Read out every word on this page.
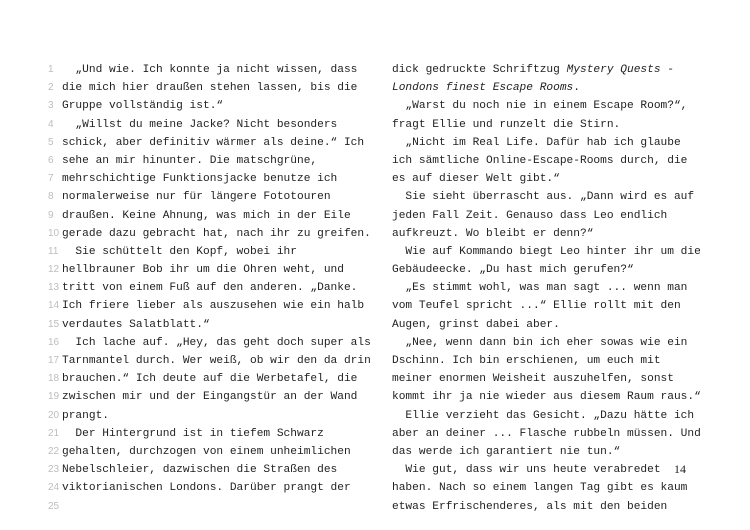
1 „Und wie. Ich konnte ja nicht wissen, dass
2 die mich hier draußen stehen lassen, bis die
3 Gruppe vollständig ist.“
4 „Willst du meine Jacke? Nicht besonders
5 schick, aber definitiv wärmer als deine.“ Ich
6 sehe an mir hinunter. Die matschgrüne,
7 mehrschichtige Funktionsjacke benutze ich
8 normalerweise nur für längere Fototouren
9 draußen. Keine Ahnung, was mich in der Eile
10 gerade dazu gebracht hat, nach ihr zu greifen.
11 Sie schüttelt den Kopf, wobei ihr
12 hellbrauner Bob ihr um die Ohren weht, und
13 tritt von einem Fuß auf den anderen. „Danke.
14 Ich friere lieber als auszusehen wie ein halb
15 verdautes Salatblatt.“
16 Ich lache auf. „Hey, das geht doch super als
17 Tarnmantel durch. Wer weiß, ob wir den da drin
18 brauchen.“ Ich deute auf die Werbetafel, die
19 zwischen mir und der Eingangstür an der Wand
20 prangt.
21 Der Hintergrund ist in tiefem Schwarz
22 gehalten, durchzogen von einem unheimlichen
23 Nebelschleier, dazwischen die Straßen des
24 viktorianischen Londons. Darüber prangt der
25
dick gedruckte Schriftzug Mystery Quests -
Londons finest Escape Rooms.
„Warst du noch nie in einem Escape Room?“,
fragt Ellie und runzelt die Stirn.
„Nicht im Real Life. Dafür hab ich glaube
ich sämtliche Online-Escape-Rooms durch, die
es auf dieser Welt gibt.“
Sie sieht überrascht aus. „Dann wird es auf
jeden Fall Zeit. Genauso dass Leo endlich
aufkreuzt. Wo bleibt er denn?“
Wie auf Kommando biegt Leo hinter ihr um die
Gebäudeecke. „Du hast mich gerufen?“
„Es stimmt wohl, was man sagt ... wenn man
vom Teufel spricht ...“ Ellie rollt mit den
Augen, grinst dabei aber.
„Nee, wenn dann bin ich eher sowas wie ein
Dschinn. Ich bin erschienen, um euch mit
meiner enormen Weisheit auszuhelfen, sonst
kommt ihr ja nie wieder aus diesem Raum raus.“
Ellie verzieht das Gesicht. „Dazu hätte ich
aber an deiner ... Flasche rubbeln müssen. Und
das werde ich garantiert nie tun.“
Wie gut, dass wir uns heute verabredet
haben. Nach so einem langen Tag gibt es kaum
etwas Erfrischenderes, als mit den beiden
14
